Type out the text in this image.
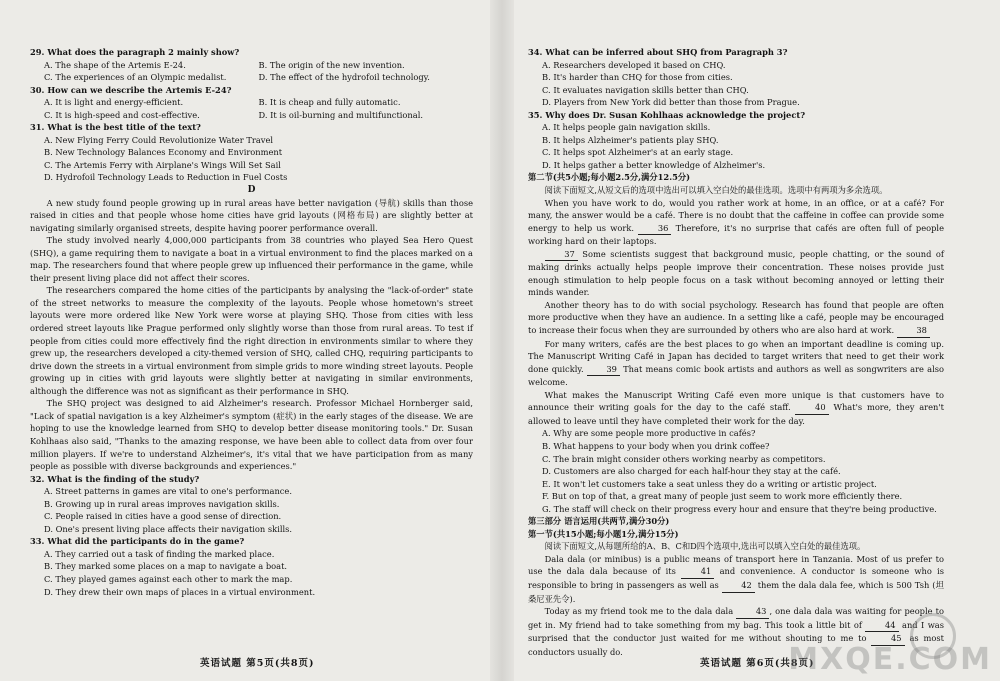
29. What does the paragraph 2 mainly show?
A. The shape of the Artemis E-24.	B. The origin of the new invention.
C. The experiences of an Olympic medalist.	D. The effect of the hydrofoil technology.
30. How can we describe the Artemis E-24?
A. It is light and energy-efficient.	B. It is cheap and fully automatic.
C. It is high-speed and cost-effective.	D. It is oil-burning and multifunctional.
31. What is the best title of the text?
A. New Flying Ferry Could Revolutionize Water Travel
B. New Technology Balances Economy and Environment
C. The Artemis Ferry with Airplane's Wings Will Set Sail
D. Hydrofoil Technology Leads to Reduction in Fuel Costs
D
A new study found people growing up in rural areas have better navigation (导航) skills than those raised in cities and that people whose home cities have grid layouts (网格布局) are slightly better at navigating similarly organised streets, despite having poorer performance overall.
The study involved nearly 4,000,000 participants from 38 countries who played Sea Hero Quest (SHQ), a game requiring them to navigate a boat in a virtual environment to find the places marked on a map. The researchers found that where people grew up influenced their performance in the game, while their present living place did not affect their scores.
The researchers compared the home cities of the participants by analysing the "lack-of-order" state of the street networks to measure the complexity of the layouts. People whose hometown's street layouts were more ordered like New York were worse at playing SHQ. Those from cities with less ordered street layouts like Prague performed only slightly worse than those from rural areas. To test if people from cities could more effectively find the right direction in environments similar to where they grew up, the researchers developed a city-themed version of SHQ, called CHQ, requiring participants to drive down the streets in a virtual environment from simple grids to more winding street layouts. People growing up in cities with grid layouts were slightly better at navigating in similar environments, although the difference was not as significant as their performance in SHQ.
The SHQ project was designed to aid Alzheimer's research. Professor Michael Hornberger said, "Lack of spatial navigation is a key Alzheimer's symptom (症状) in the early stages of the disease. We are hoping to use the knowledge learned from SHQ to develop better disease monitoring tools." Dr. Susan Kohlhaas also said, "Thanks to the amazing response, we have been able to collect data from over four million players. If we're to understand Alzheimer's, it's vital that we have participation from as many people as possible with diverse backgrounds and experiences."
32. What is the finding of the study?
A. Street patterns in games are vital to one's performance.
B. Growing up in rural areas improves navigation skills.
C. People raised in cities have a good sense of direction.
D. One's present living place affects their navigation skills.
33. What did the participants do in the game?
A. They carried out a task of finding the marked place.
B. They marked some places on a map to navigate a boat.
C. They played games against each other to mark the map.
D. They drew their own maps of places in a virtual environment.
英语试题 第5页(共8页)
34. What can be inferred about SHQ from Paragraph 3?
A. Researchers developed it based on CHQ.
B. It's harder than CHQ for those from cities.
C. It evaluates navigation skills better than CHQ.
D. Players from New York did better than those from Prague.
35. Why does Dr. Susan Kohlhaas acknowledge the project?
A. It helps people gain navigation skills.
B. It helps Alzheimer's patients play SHQ.
C. It helps spot Alzheimer's at an early stage.
D. It helps gather a better knowledge of Alzheimer's.
第二节(共5小题;每小题2.5分,满分12.5分)
阅读下面短文,从短文后的选项中选出可以填入空白处的最佳选项。选项中有两项为多余选项。
When you have work to do, would you rather work at home, in an office, or at a café? For many, the answer would be a café. There is no doubt that the caffeine in coffee can provide some energy to help us work.	36 Therefore, it's no surprise that cafés are often full of people working hard on their laptops.
37 Some scientists suggest that background music, people chatting, or the sound of making drinks actually helps people improve their concentration. These noises provide just enough stimulation to help people focus on a task without becoming annoyed or letting their minds wander.
Another theory has to do with social psychology. Research has found that people are often more productive when they have an audience. In a setting like a café, people may be encouraged to increase their focus when they are surrounded by others who are also hard at work.	38
For many writers, cafés are the best places to go when an important deadline is coming up. The Manuscript Writing Café in Japan has decided to target writers that need to get their work done quickly.	39 That means comic book artists and authors as well as songwriters are also welcome.
What makes the Manuscript Writing Café even more unique is that customers have to announce their writing goals for the day to the café staff.	40 What's more, they aren't allowed to leave until they have completed their work for the day.
A. Why are some people more productive in cafés?
B. What happens to your body when you drink coffee?
C. The brain might consider others working nearby as competitors.
D. Customers are also charged for each half-hour they stay at the café.
E. It won't let customers take a seat unless they do a writing or artistic project.
F. But on top of that, a great many of people just seem to work more efficiently there.
G. The staff will check on their progress every hour and ensure that they're being productive.
第三部分 语言运用(共两节,满分30分)
第一节(共15小题;每小题1分,满分15分)
阅读下面短文,从每题所给的A、B、C和D四个选项中,选出可以填入空白处的最佳选项。
Dala dala (or minibus) is a public means of transport here in Tanzania. Most of us prefer to use the dala dala because of its	41 and convenience. A conductor is someone who is responsible to bring in passengers as well as	42 them the dala dala fee, which is 500 Tsh (坦桑尼亚先令).
Today as my friend took me to the dala dala	43 , one dala dala was waiting for people to get in. My friend had to take something from my bag. This took a little bit of	44 and I was surprised that the conductor just waited for me without shouting to me to	45 as most conductors usually do.
英语试题 第6页(共8页)
MXQE.COM
